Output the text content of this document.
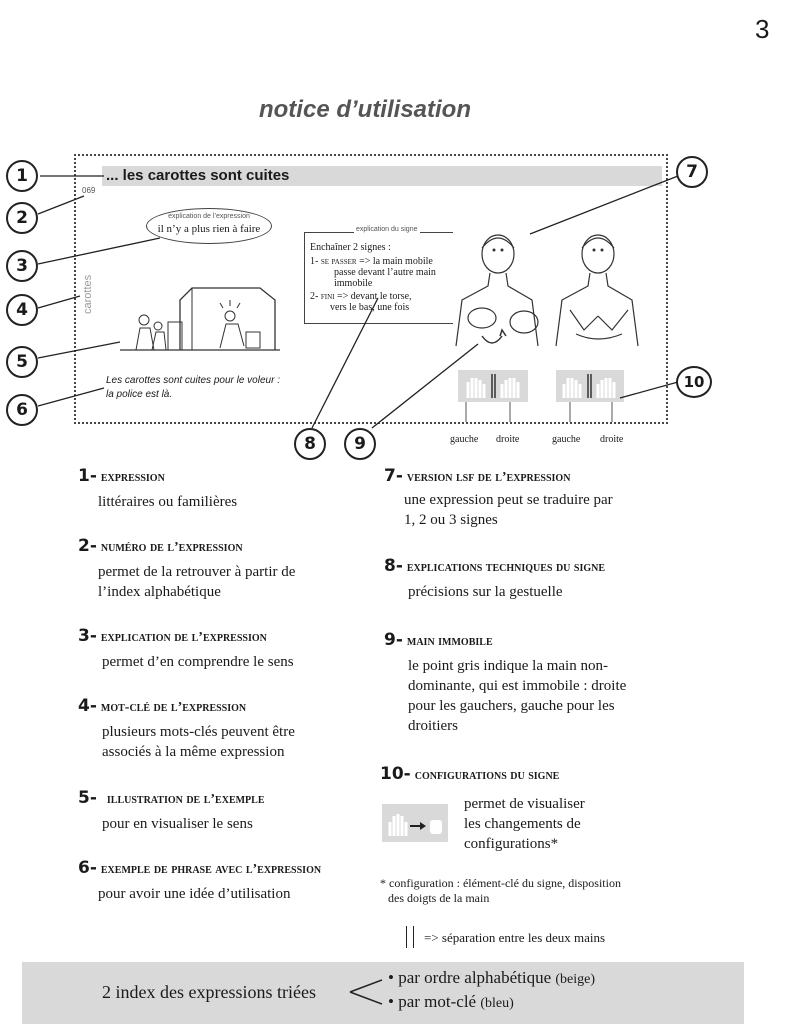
3
notice d’utilisation
... les carottes sont cuites
069
explication de l’expression
il n’y a plus rien à faire
carottes
Les carottes sont cuites pour le voleur :
la police est là.
explication du signe
Enchaîner 2 signes :
1- se passer => la main mobile
passe devant l’autre main
immobile
2- fini => devant le torse,
vers le bas, une fois
gauche droite	gauche droite
1
2
3
4
5
6
7
8	9
10
1- expression
littéraires ou familières
2- numéro de l’expression
permet de la retrouver à partir de
l’index alphabétique
3- explication de l’expression
permet d’en comprendre le sens
4- mot-clé de l’expression
plusieurs mots-clés peuvent être
associés à la même expression
5- illustration de l’exemple
pour en visualiser le sens
6- exemple de phrase avec l’expression
pour avoir une idée d’utilisation
7- version lsf de l’expression
une expression peut se traduire par
1, 2 ou 3 signes
8- explications techniques du signe
précisions sur la gestuelle
9- main immobile
le point gris indique la main non-
dominante, qui est immobile : droite
pour les gauchers, gauche pour les
droitiers
10- configurations du signe
permet de visualiser
les changements de
configurations*
* configuration : élément-clé du signe, disposition
des doigts de la main
=> séparation entre les deux mains
2 index des expressions triées
• par ordre alphabétique (beige)
• par mot-clé (bleu)
